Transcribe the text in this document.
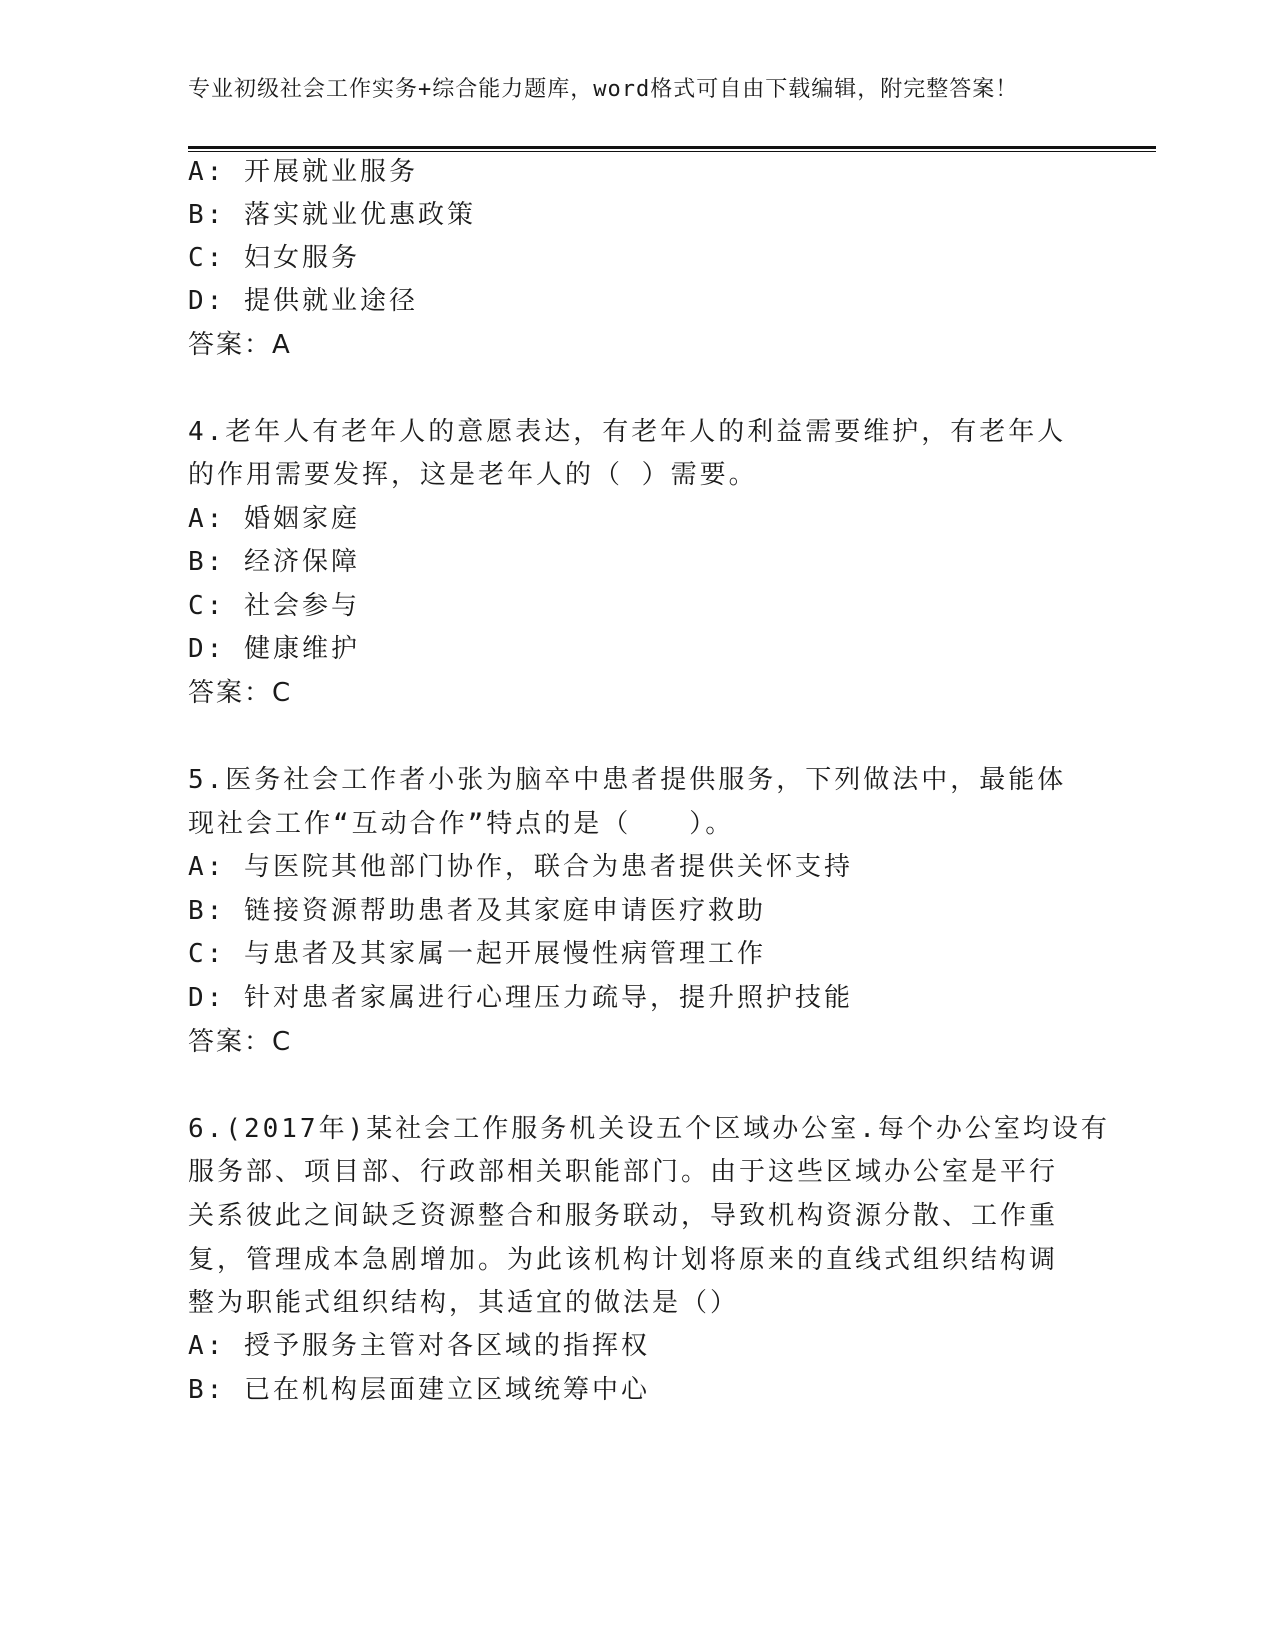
专业初级社会工作实务+综合能力题库，word格式可自由下载编辑，附完整答案！
A: 开展就业服务
B: 落实就业优惠政策
C: 妇女服务
D: 提供就业途径
答案：A
4.老年人有老年人的意愿表达，有老年人的利益需要维护，有老年人
的作用需要发挥，这是老年人的（ ）需要。
A: 婚姻家庭
B: 经济保障
C: 社会参与
D: 健康维护
答案：C
5.医务社会工作者小张为脑卒中患者提供服务，下列做法中，最能体
现社会工作“互动合作”特点的是（　　）。
A: 与医院其他部门协作，联合为患者提供关怀支持
B: 链接资源帮助患者及其家庭申请医疗救助
C: 与患者及其家属一起开展慢性病管理工作
D: 针对患者家属进行心理压力疏导，提升照护技能
答案：C
6.(2017年)某社会工作服务机关设五个区域办公室.每个办公室均设有
服务部、项目部、行政部相关职能部门。由于这些区域办公室是平行
关系彼此之间缺乏资源整合和服务联动，导致机构资源分散、工作重
复，管理成本急剧增加。为此该机构计划将原来的直线式组织结构调
整为职能式组织结构，其适宜的做法是（）
A: 授予服务主管对各区域的指挥权
B: 已在机构层面建立区域统筹中心
